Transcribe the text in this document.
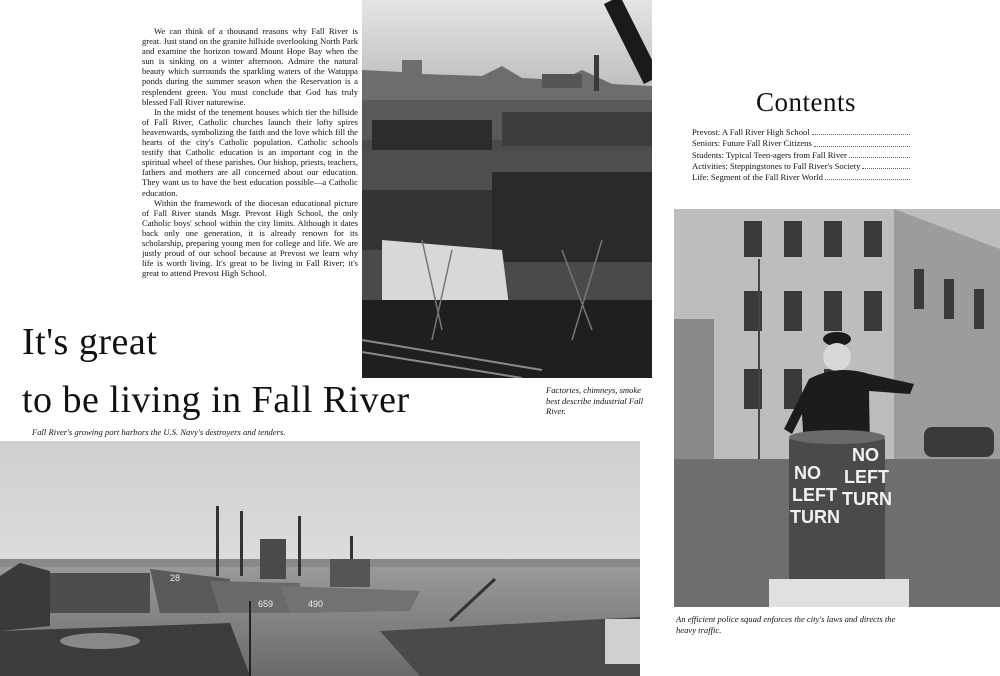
We can think of a thousand reasons why Fall River is great. Just stand on the granite hillside overlooking North Park and examine the horizon toward Mount Hope Bay when the sun is sinking on a winter afternoon. Admire the natural beauty which surrounds the sparkling waters of the Watuppa ponds during the summer season when the Reservation is a resplendent green. You must conclude that God has truly blessed Fall River naturewise.

In the midst of the tenement houses which tier the hillside of Fall River, Catholic churches launch their lofty spires heavenwards, symbolizing the faith and the love which fill the hearts of the city's Catholic population. Catholic schools testify that Catholic education is an important cog in the spiritual wheel of these parishes. Our bishop, priests, teachers, fathers and mothers are all concerned about our education. They want us to have the best education possible—a Catholic education.

Within the framework of the diocesan educational picture of Fall River stands Msgr. Prevost High School, the only Catholic boys' school within the city limits. Although it dates back only one generation, it is already renown for its scholarship, preparing young men for college and life. We are justly proud of our school because at Prevost we learn why life is worth living. It's great to be living in Fall River; it's great to attend Prevost High School.

It's great
to be living in Fall River	Factories, chimneys, smoke best describe industrial Fall River.
Fall River's growing port harbors the U.S. Navy's destroyers and tenders.
28
659	490
Contents
Prevost: A Fall River High School
Seniors: Future Fall River Citizens
Students: Typical Teen-agers from Fall River
Activities: Steppingstones to Fall River's Society
Life: Segment of the Fall River World
NO
LEFT
TURN
NO
LEFT
TURN
An efficient police squad enforces the city's laws and directs the heavy traffic.
